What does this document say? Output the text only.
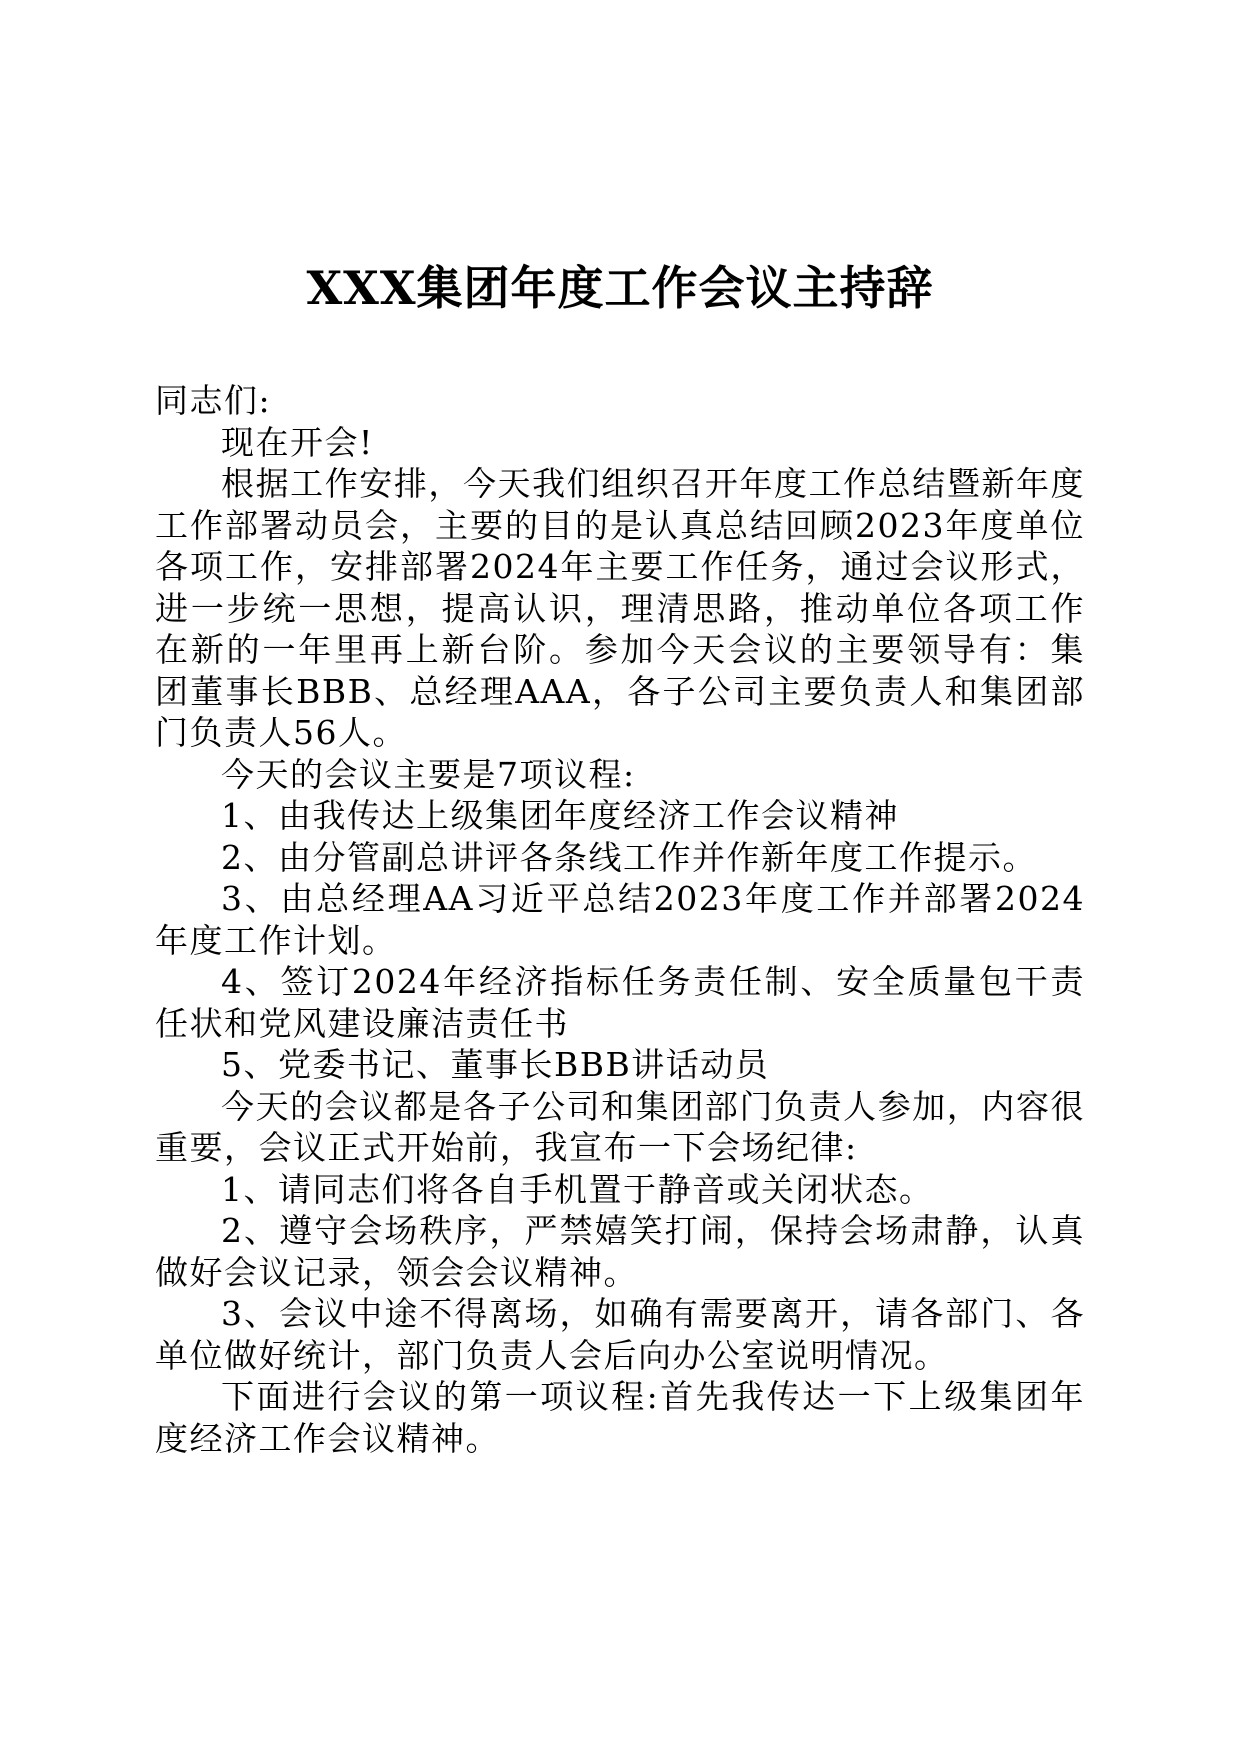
XXX集团年度工作会议主持辞

同志们:

现在开会!

根据工作安排，今天我们组织召开年度工作总结暨新年度工作部署动员会，主要的目的是认真总结回顾2023年度单位各项工作，安排部署2024年主要工作任务，通过会议形式，进一步统一思想，提高认识，理清思路，推动单位各项工作在新的一年里再上新台阶。参加今天会议的主要领导有：集团董事长BBB、总经理AAA，各子公司主要负责人和集团部门负责人56人。

今天的会议主要是7项议程:

1、由我传达上级集团年度经济工作会议精神

2、由分管副总讲评各条线工作并作新年度工作提示。

3、由总经理AA习近平总结2023年度工作并部署2024年度工作计划。

4、签订2024年经济指标任务责任制、安全质量包干责任状和党风建设廉洁责任书

5、党委书记、董事长BBB讲话动员

今天的会议都是各子公司和集团部门负责人参加，内容很重要，会议正式开始前，我宣布一下会场纪律:

1、请同志们将各自手机置于静音或关闭状态。

2、遵守会场秩序，严禁嬉笑打闹，保持会场肃静，认真做好会议记录，领会会议精神。

3、会议中途不得离场，如确有需要离开，请各部门、各单位做好统计，部门负责人会后向办公室说明情况。

下面进行会议的第一项议程:首先我传达一下上级集团年度经济工作会议精神。
